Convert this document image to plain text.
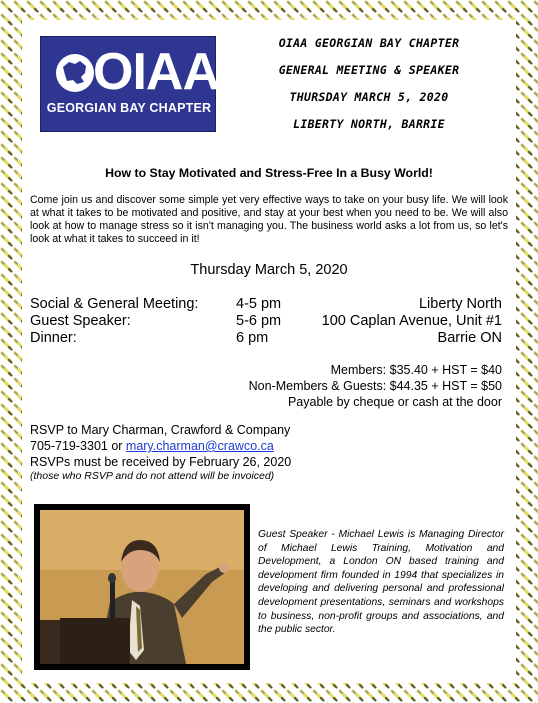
OIAA
GEORGIAN BAY CHAPTER
OIAA GEORGIAN BAY CHAPTER
GENERAL MEETING & SPEAKER
THURSDAY MARCH 5, 2020
LIBERTY NORTH, BARRIE
How to Stay Motivated and Stress-Free In a Busy World!
Come join us and discover some simple yet very effective ways to take on your busy life. We will look at what it takes to be motivated and positive, and stay at your best when you need to be. We will also look at how to manage stress so it isn't managing you. The business world asks a lot from us, so let's look at what it takes to succeed in it!
Thursday March 5, 2020
Social & General Meeting:	4-5 pm	Liberty North
Guest Speaker:	5-6 pm	100 Caplan Avenue, Unit #1
Dinner:	6 pm	Barrie ON
Members: $35.40 + HST = $40
Non-Members & Guests: $44.35 + HST = $50
Payable by cheque or cash at the door
RSVP to Mary Charman, Crawford & Company
705-719-3301 or mary.charman@crawco.ca
RSVPs must be received by February 26, 2020
(those who RSVP and do not attend will be invoiced)
Guest Speaker - Michael Lewis is Managing Director of Michael Lewis Training, Motivation and Development, a London ON based training and development firm founded in 1994 that specializes in developing and delivering personal and professional development presentations, seminars and workshops to business, non-profit groups and associations, and the public sector.
